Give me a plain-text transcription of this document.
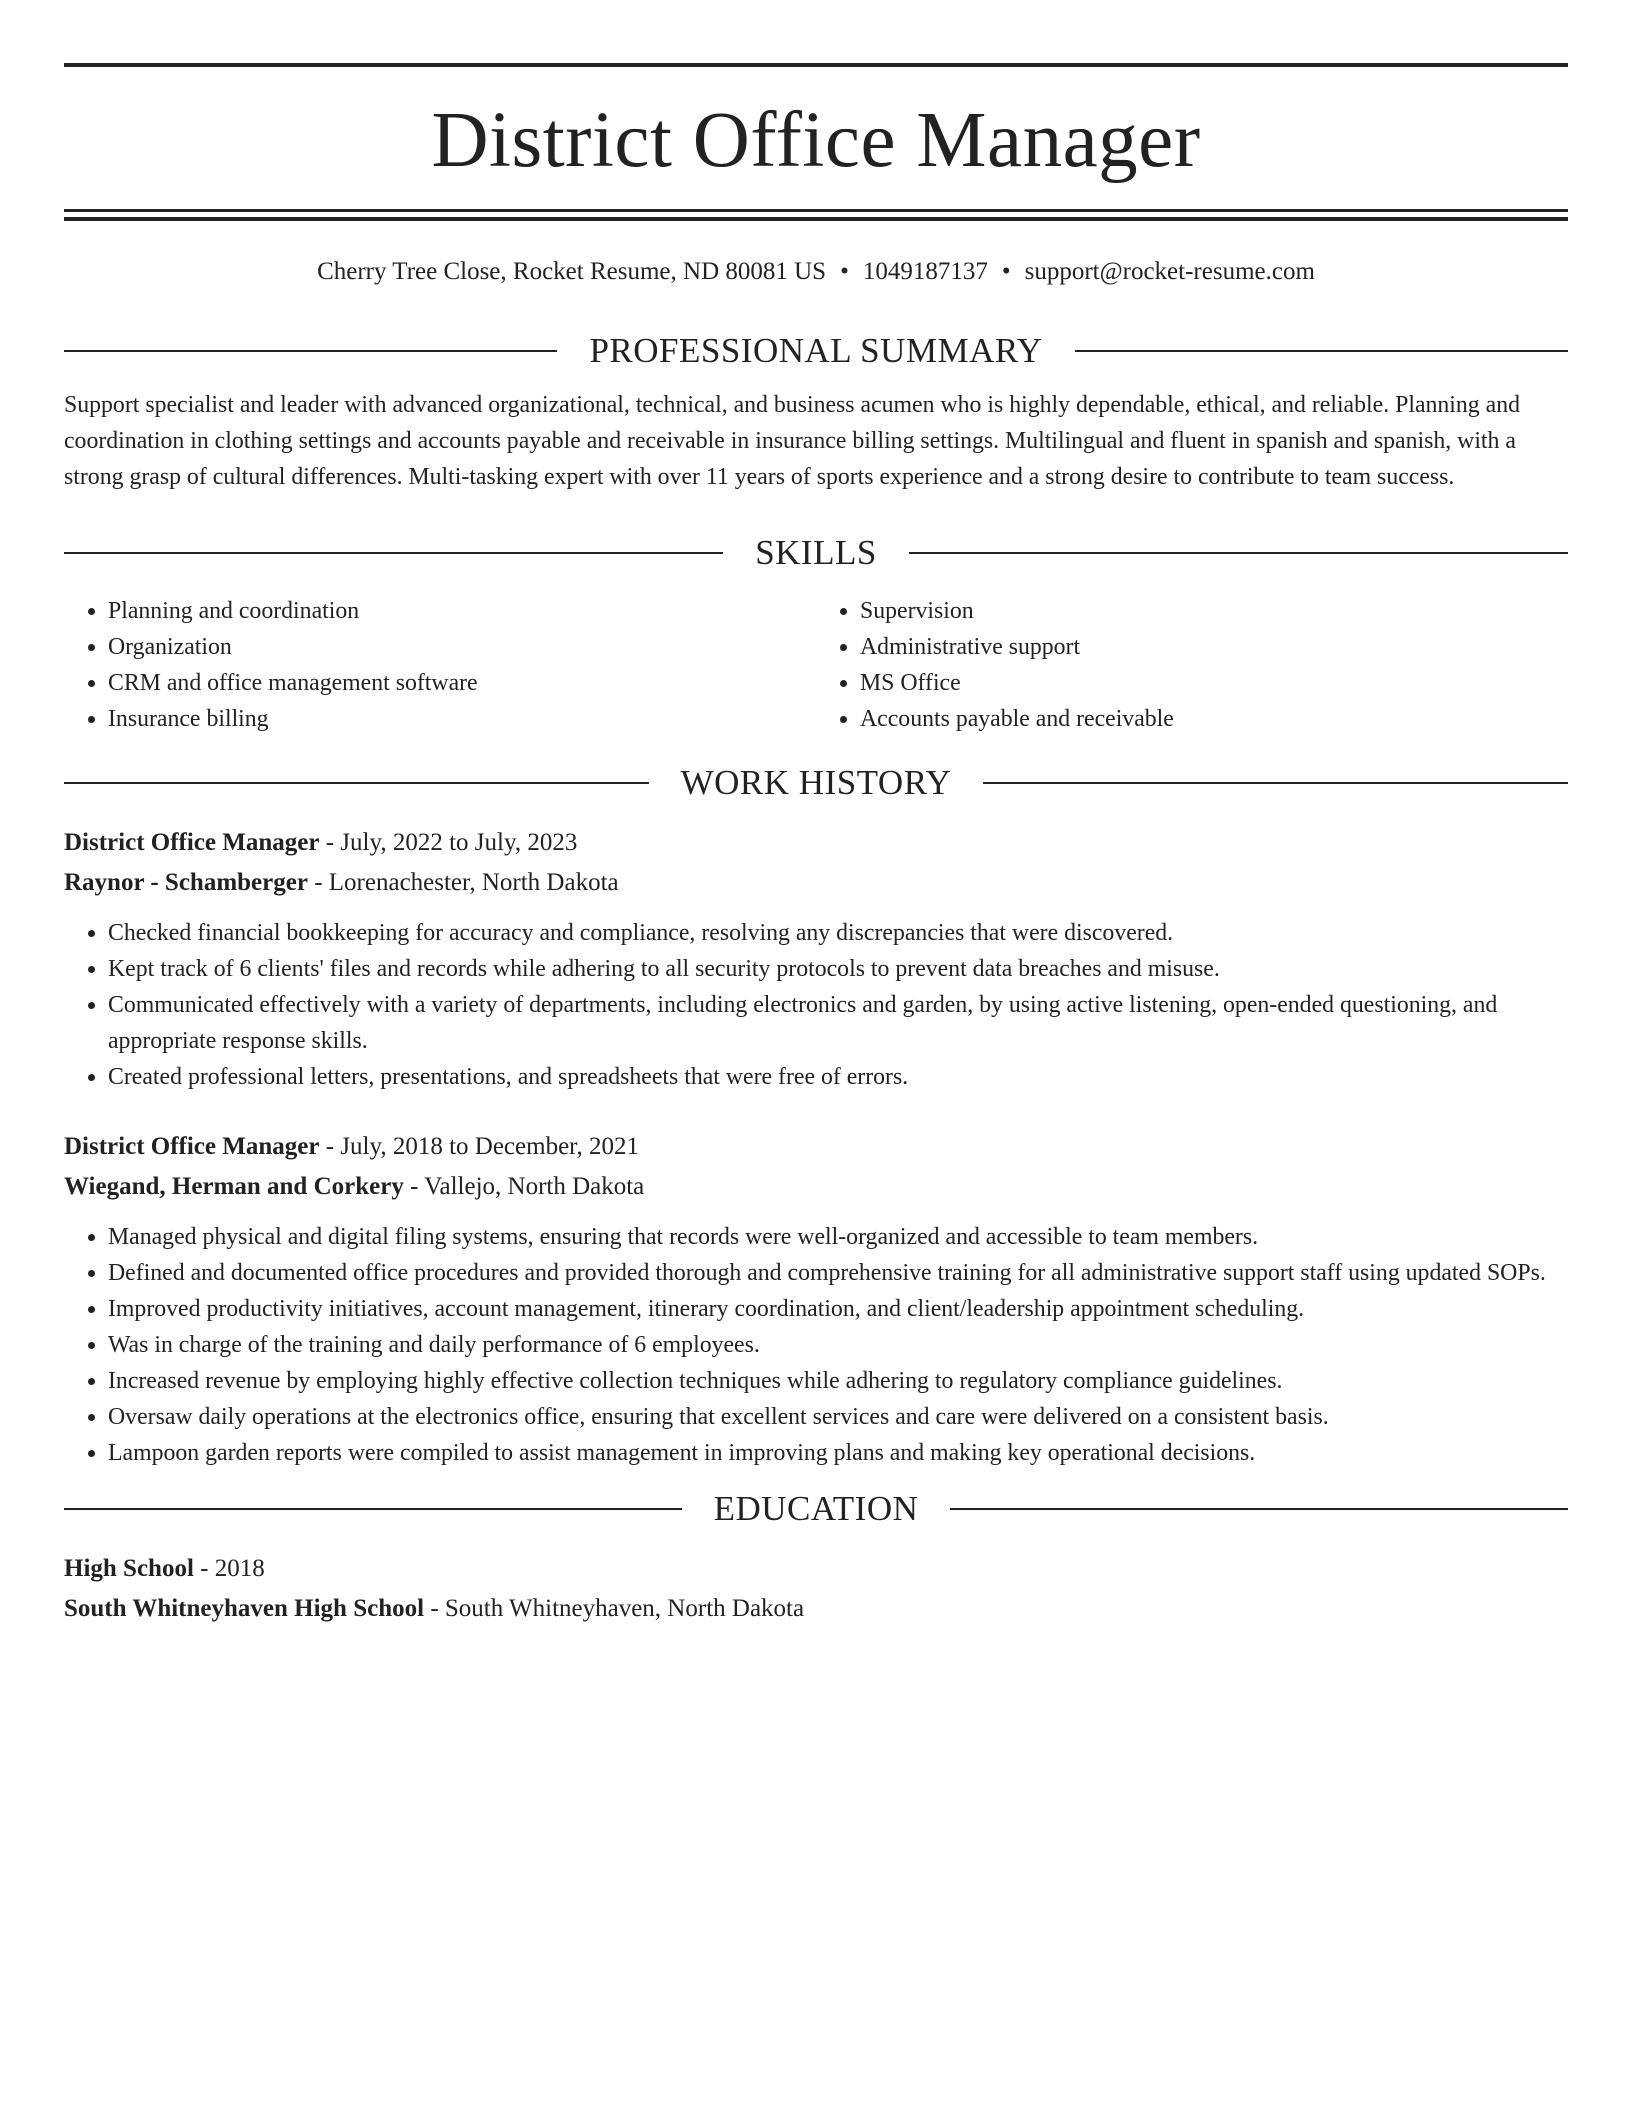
District Office Manager
Cherry Tree Close, Rocket Resume, ND 80081 US • 1049187137 • support@rocket-resume.com
PROFESSIONAL SUMMARY
Support specialist and leader with advanced organizational, technical, and business acumen who is highly dependable, ethical, and reliable. Planning and coordination in clothing settings and accounts payable and receivable in insurance billing settings. Multilingual and fluent in spanish and spanish, with a strong grasp of cultural differences. Multi-tasking expert with over 11 years of sports experience and a strong desire to contribute to team success.
SKILLS
• Planning and coordination
• Organization
• CRM and office management software
• Insurance billing
• Supervision
• Administrative support
• MS Office
• Accounts payable and receivable
WORK HISTORY
District Office Manager - July, 2022 to July, 2023
Raynor - Schamberger - Lorenachester, North Dakota
• Checked financial bookkeeping for accuracy and compliance, resolving any discrepancies that were discovered.
• Kept track of 6 clients' files and records while adhering to all security protocols to prevent data breaches and misuse.
• Communicated effectively with a variety of departments, including electronics and garden, by using active listening, open-ended questioning, and appropriate response skills.
• Created professional letters, presentations, and spreadsheets that were free of errors.
District Office Manager - July, 2018 to December, 2021
Wiegand, Herman and Corkery - Vallejo, North Dakota
• Managed physical and digital filing systems, ensuring that records were well-organized and accessible to team members.
• Defined and documented office procedures and provided thorough and comprehensive training for all administrative support staff using updated SOPs.
• Improved productivity initiatives, account management, itinerary coordination, and client/leadership appointment scheduling.
• Was in charge of the training and daily performance of 6 employees.
• Increased revenue by employing highly effective collection techniques while adhering to regulatory compliance guidelines.
• Oversaw daily operations at the electronics office, ensuring that excellent services and care were delivered on a consistent basis.
• Lampoon garden reports were compiled to assist management in improving plans and making key operational decisions.
EDUCATION
High School - 2018
South Whitneyhaven High School - South Whitneyhaven, North Dakota
